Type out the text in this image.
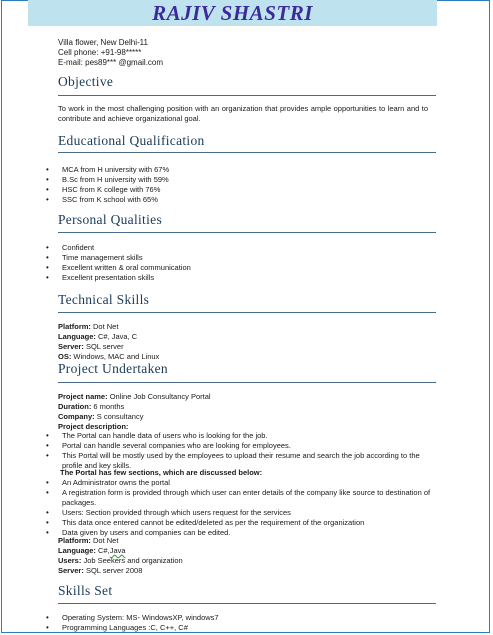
RAJIV SHASTRI
Villa flower, New Delhi-11
Cell phone: +91-98*****
E-mail: pes89*** @gmail.com
Objective
To work in the most challenging position with an organization that provides ample opportunities to learn and to contribute and achieve organizational goal.
Educational Qualification
• MCA from H university with 67%
• B.Sc from H university with 59%
• HSC from K college with 76%
• SSC from K school with 65%
Personal Qualities
• Confident
• Time management skills
• Excellent written & oral communication
• Excellent presentation skills
Technical Skills
Platform: Dot Net
Language: C#, Java, C
Server: SQL server
OS: Windows, MAC and Linux
Project Undertaken
Project name: Online Job Consultancy Portal
Duration: 6 months
Company: S consultancy
Project description:
• The Portal can handle data of users who is looking for the job.
• Portal can handle several companies who are looking for employees.
• This Portal will be mostly used by the employees to upload their resume and search the job according to the profile and key skills.
The Portal has few sections, which are discussed below:
• An Administrator owns the portal
• A registration form is provided through which user can enter details of the company like source to destination of packages.
• Users: Section provided through which users request for the services
• This data once entered cannot be edited/deleted as per the requirement of the organization
• Data given by users and companies can be edited.
Platform: Dot Net
Language: C#,Java
Users: Job Seekers and organization
Server: SQL server 2008
Skills Set
• Operating System: MS- WindowsXP, windows7
• Programming Languages :C, C++, C#
